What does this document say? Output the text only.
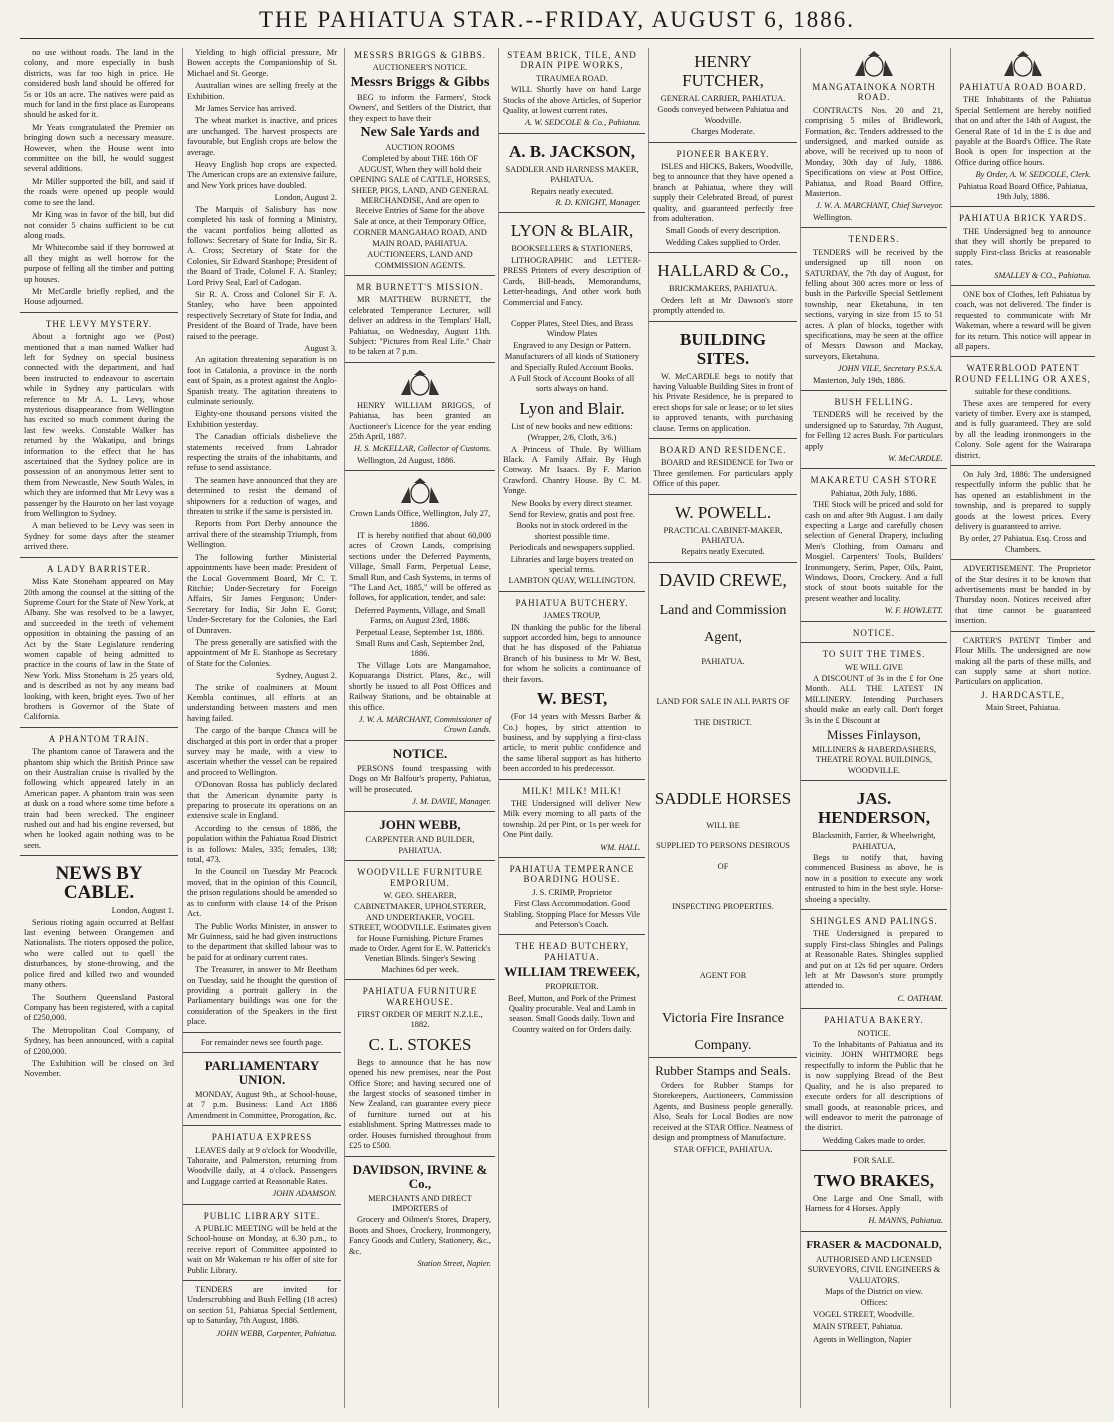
THE PAHIATUA STAR.--FRIDAY, AUGUST 6, 1886.

no use without roads. The land in the colony, and more especially in bush districts, was far too high in price. He considered bush land should be offered for 5s or 10s an acre. The natives were paid as much for land in the first place as Europeans should be asked for it.

Mr Yeats congratulated the Premier on bringing down such a necessary measure. However, when the House went into committee on the bill, he would suggest several additions.

Mr Miller supported the bill, and said if the roads were opened up people would come to see the land.

Mr King was in favor of the bill, but did not consider 5 chains sufficient to be cut along roads.

Mr Whitecombe said if they borrowed at all they might as well borrow for the purpose of felling all the timber and putting up houses.

Mr McCardle briefly replied, and the House adjourned.

THE LEVY MYSTERY.

About a fortnight ago we (Post) mentioned that a man named Walker had left for Sydney on special business connected with the department, and had been instructed to endeavour to ascertain while in Sydney any particulars with reference to Mr A. L. Levy, whose mysterious disappearance from Wellington has excited so much comment during the last few weeks. Constable Walker has returned by the Wakatipu, and brings information to the effect that he has ascertained that the Sydney police are in possession of an anonymous letter sent to them from Newcastle, New South Wales, in which they are informed that Mr Levy was a passenger by the Hauroto on her last voyage from Wellington to Sydney.

A man believed to be Levy was seen in Sydney for some days after the steamer arrived there.

A LADY BARRISTER.

Miss Kate Stoneham appeared on May 20th among the counsel at the sitting of the Supreme Court for the State of New York, at Albany. She was resolved to be a lawyer, and succeeded in the teeth of vehement opposition in obtaining the passing of an Act by the State Legislature rendering women capable of being admitted to practice in the courts of law in the State of New York. Miss Stoneham is 25 years old, and is described as not by any means bad looking, with keen, bright eyes. Two of her brothers is Governor of the State of California.

A PHANTOM TRAIN.

The phantom canoe of Tarawera and the phantom ship which the British Prince saw on their Australian cruise is rivalled by the following which appeared lately in an American paper. A phantom train was seen at dusk on a road where some time before a train had been wrecked. The engineer rushed out and had his engine reversed, but when he looked again nothing was to be seen.

NEWS BY CABLE.

London, August 1.

Serious rioting again occurred at Belfast last evening between Orangemen and Nationalists. The rioters opposed the police, who were called out to quell the disturbances, by stone-throwing, and the police fired and killed two and wounded many others.

The Southern Queensland Pastoral Company has been registered, with a capital of £250,000.

The Metropolitan Coal Company, of Sydney, has been announced, with a capital of £200,000.

The Exhibition will be closed on 3rd November.

Yielding to high official pressure, Mr Bowen accepts the Companionship of St. Michael and St. George.

Australian wines are selling freely at the Exhibition.

Mr James Service has arrived.

The wheat market is inactive, and prices are unchanged. The harvest prospects are favourable, but English crops are below the average.

Heavy English hop crops are expected. The American crops are an extensive failure, and New York prices have doubled.

London, August 2.

The Marquis of Salisbury has now completed his task of forming a Ministry, the vacant portfolios being allotted as follows: Secretary of State for India, Sir R. A. Cross; Secretary of State for the Colonies, Sir Edward Stanhope; President of the Board of Trade, Colonel F. A. Stanley; Lord Privy Seal, Earl of Cadogan.

Sir R. A. Cross and Colonel Sir F. A. Stanley, who have been appointed respectively Secretary of State for India, and President of the Board of Trade, have been raised to the peerage.

August 3.

An agitation threatening separation is on foot in Catalonia, a province in the north east of Spain, as a protest against the Anglo-Spanish treaty. The agitation threatens to culminate seriously.

Eighty-one thousand persons visited the Exhibition yesterday.

The Canadian officials disbelieve the statements received from Labrador respecting the straits of the inhabitants, and refuse to send assistance.

The seamen have announced that they are determined to resist the demand of shipowners for a reduction of wages, and threaten to strike if the same is persisted in.

Reports from Port Derby announce the arrival there of the steamship Triumph, from Wellington.

The following further Ministerial appointments have been made: President of the Local Government Board, Mr C. T. Ritchie; Under-Secretary for Foreign Affairs, Sir James Ferguson; Under-Secretary for India, Sir John E. Gorst; Under-Secretary for the Colonies, the Earl of Dunraven.

The press generally are satisfied with the appointment of Mr E. Stanhope as Secretary of State for the Colonies.

Sydney, August 2.

The strike of coalminers at Mount Kembla continues, all efforts at an understanding between masters and men having failed.

The cargo of the barque Chasca will be discharged at this port in order that a proper survey may be made, with a view to ascertain whether the vessel can be repaired and proceed to Wellington.

O'Donovan Rossa has publicly declared that the American dynamite party is preparing to prosecute its operations on an extensive scale in England.

According to the census of 1886, the population within the Pahiatua Road District is as follows: Males, 335; females, 138; total, 473.

In the Council on Tuesday Mr Peacock moved, that in the opinion of this Council, the prison regulations should be amended so as to conform with clause 14 of the Prison Act.

The Public Works Minister, in answer to Mr Guinness, said he had given instructions to the department that skilled labour was to be paid for at ordinary current rates.

The Treasurer, in answer to Mr Beetham on Tuesday, said he thought the question of providing a portrait gallery in the Parliamentary buildings was one for the consideration of the Speakers in the first place.

For remainder news see fourth page.

PARLIAMENTARY UNION.

MONDAY, August 9th., at School-house, at 7 p.m. Business: Land Act 1886 Amendment in Committee, Prorogation, &c.

PAHIATUA EXPRESS

LEAVES daily at 9 o'clock for Woodville, Tahoraite, and Palmerston, returning from Woodville daily, at 4 o'clock. Passengers and Luggage carried at Reasonable Rates.

JOHN ADAMSON.

PUBLIC LIBRARY SITE.

A PUBLIC MEETING will be held at the School-house on Monday, at 6.30 p.m., to receive report of Committee appointed to wait on Mr Wakeman re his offer of site for Public Library.

TENDERS are invited for Underscrubbing and Bush Felling (18 acres) on section 51, Pahiatua Special Settlement, up to Saturday, 7th August, 1886.

JOHN WEBB, Carpenter, Pahiatua.

MESSRS BRIGGS & GIBBS.

AUCTIONEER'S NOTICE.

Messrs Briggs & Gibbs

BEG to inform the Farmers', Stock Owners', and Settlers of the District, that they expect to have their

New Sale Yards and

AUCTION ROOMS

Completed by about THE 16th OF AUGUST, When they will hold their OPENING SALE of CATTLE, HORSES, SHEEP, PIGS, LAND, AND GENERAL MERCHANDISE, And are open to Receive Entries of Same for the above Sale at once, at their Temporary Office,

CORNER MANGAHAO ROAD, AND MAIN ROAD, PAHIATUA.

AUCTIONEERS, LAND AND COMMISSION AGENTS.

MR BURNETT'S MISSION.

MR MATTHEW BURNETT, the celebrated Temperance Lecturer, will deliver an address in the Templars' Hall, Pahiatua, on Wednesday, August 11th. Subject: "Pictures from Real Life." Chair to be taken at 7 p.m.

HENRY WILLIAM BRIGGS, of Pahiatua, has been granted an Auctioneer's Licence for the year ending 25th April, 1887.

H. S. McKELLAR, Collector of Customs.

Wellington, 2d August, 1886.

Crown Lands Office, Wellington, July 27, 1886.

IT is hereby notified that about 60,000 acres of Crown Lands, comprising sections under the Deferred Payments, Village, Small Farm, Perpetual Lease, Small Run, and Cash Systems, in terms of "The Land Act, 1885," will be offered as follows, for application, tender, and sale:

Deferred Payments, Village, and Small Farms, on August 23rd, 1886.

Perpetual Lease, September 1st, 1886.

Small Runs and Cash, September 2nd, 1886.

The Village Lots are Mangamahoe, Kopuaranga District. Plans, &c., will shortly be issued to all Post Offices and Railway Stations, and be obtainable at this office.

J. W. A. MARCHANT, Commissioner of Crown Lands.

NOTICE.

PERSONS found trespassing with Dogs on Mr Balfour's property, Pahiatua, will be prosecuted.

J. M. DAVIE, Manager.

JOHN WEBB,

CARPENTER AND BUILDER, PAHIATUA.

WOODVILLE FURNITURE EMPORIUM.

W. GEO. SHEARER,

CABINETMAKER, UPHOLSTERER, AND UNDERTAKER, VOGEL STREET, WOODVILLE. Estimates given for House Furnishing. Picture Frames made to Order. Agent for E. W. Patterick's Venetian Blinds. Singer's Sewing Machines 6d per week.

PAHIATUA FURNITURE WAREHOUSE.

FIRST ORDER OF MERIT N.Z.I.E., 1882.

C. L. STOKES

Begs to announce that he has now opened his new premises, near the Post Office Store; and having secured one of the largest stocks of seasoned timber in New Zealand, can guarantee every piece of furniture turned out at his establishment. Spring Mattresses made to order. Houses furnished throughout from £25 to £500.

DAVIDSON, IRVINE & Co.,

MERCHANTS AND DIRECT IMPORTERS of

Grocery and Oilmen's Stores, Drapery, Boots and Shoes, Crockery, Ironmongery, Fancy Goods and Cutlery, Stationery, &c., &c.

Station Street, Napier.

STEAM BRICK, TILE, AND DRAIN PIPE WORKS,

TIRAUMEA ROAD.

WILL Shortly have on hand Large Stocks of the above Articles, of Superior Quality, at lowest current rates.

A. W. SEDCOLE & Co., Pahiatua.

A. B. JACKSON,

SADDLER AND HARNESS MAKER, PAHIATUA.

Repairs neatly executed.

R. D. KNIGHT, Manager.

LYON & BLAIR,

BOOKSELLERS & STATIONERS,

LITHOGRAPHIC and LETTER-PRESS Printers of every description of Cards, Bill-heads, Memorandums, Letter-headings, And other work both Commercial and Fancy.

Copper Plates, Steel Dies, and Brass Window Plates

Engraved to any Design or Pattern.

Manufacturers of all kinds of Stationery and Specially Ruled Account Books.

A Full Stock of Account Books of all sorts always on hand.

Lyon and Blair.

List of new books and new editions:

(Wrapper, 2/6, Cloth, 3/6.)

A Princess of Thule. By William Black. A Family Affair. By Hugh Conway. Mr Isaacs. By F. Marion Crawford. Chantry House. By C. M. Yonge.

New Books by every direct steamer.

Send for Review, gratis and post free.

Books not in stock ordered in the shortest possible time.

Periodicals and newspapers supplied.

Libraries and large buyers treated on special terms.

LAMBTON QUAY, WELLINGTON.

PAHIATUA BUTCHERY.

JAMES TROUP,

IN thanking the public for the liberal support accorded him, begs to announce that he has disposed of the Pahiatua Branch of his business to Mr W. Best, for whom he solicits a continuance of their favors.

W. BEST,

(For 14 years with Messrs Barber & Co.) hopes, by strict attention to business, and by supplying a first-class article, to merit public confidence and the same liberal support as has hitherto been accorded to his predecessor.

MILK! MILK! MILK!

THE Undersigned will deliver New Milk every morning to all parts of the township. 2d per Pint, or 1s per week for One Pint daily.

WM. HALL.

PAHIATUA TEMPERANCE BOARDING HOUSE.

J. S. CRIMP, Proprietor

First Class Accommodation. Good Stabling. Stopping Place for Messrs Vile and Peterson's Coach.

THE HEAD BUTCHERY, PAHIATUA.
WILLIAM TREWEEK,

PROPRIETOR.

Beef, Mutton, and Pork of the Primest Quality procurable. Veal and Lamb in season. Small Goods daily. Town and Country waited on for Orders daily.

HENRY FUTCHER,

GENERAL CARRIER, PAHIATUA.

Goods conveyed between Pahiatua and Woodville.

Charges Moderate.

PIONEER BAKERY.

ISLES and HICKS, Bakers, Woodville, beg to announce that they have opened a branch at Pahiatua, where they will supply their Celebrated Bread, of purest quality, and guaranteed perfectly free from adulteration.

Small Goods of every description.

Wedding Cakes supplied to Order.

HALLARD & Co.,

BRICKMAKERS, PAHIATUA.

Orders left at Mr Dawson's store promptly attended to.

BUILDING SITES.

W. McCARDLE begs to notify that having Valuable Building Sites in front of his Private Residence, he is prepared to erect shops for sale or lease; or to let sites to approved tenants, with purchasing clause. Terms on application.

BOARD AND RESIDENCE.

BOARD and RESIDENCE for Two or Three gentlemen. For particulars apply Office of this paper.

W. POWELL.

PRACTICAL CABINET-MAKER, PAHIATUA.

Repairs neatly Executed.

DAVID CREWE,
Land and Commission
Agent,

PAHIATUA.

LAND FOR SALE IN ALL PARTS OF

THE DISTRICT.

SADDLE HORSES

WILL BE

SUPPLIED TO PERSONS DESIROUS

OF

INSPECTING PROPERTIES.

AGENT FOR

Victoria Fire Insrance
Company.
Rubber Stamps and Seals.

Orders for Rubber Stamps for Storekeepers, Auctioneers, Commission Agents, and Business people generally. Also, Seals for Local Bodies are now received at the STAR Office. Neatness of design and promptness of Manufacture.

STAR OFFICE, PAHIATUA.

MANGATAINOKA NORTH ROAD.

CONTRACTS Nos. 20 and 21, comprising 5 miles of Bridlework, Formation, &c. Tenders addressed to the undersigned, and marked outside as above, will be received up to noon of Monday, 30th day of July, 1886. Specifications on view at Post Office, Pahiatua, and Road Board Office, Masterton.

J. W. A. MARCHANT, Chief Surveyor.

Wellington.

TENDERS.

TENDERS will be received by the undersigned up till noon on SATURDAY, the 7th day of August, for felling about 300 acres more or less of bush in the Parkville Special Settlement township, near Eketahuna, in ten sections, varying in size from 15 to 51 acres. A plan of blocks, together with specifications, may be seen at the office of Messrs Dawson and Mackay, surveyors, Eketahuna.

JOHN VILE, Secretary P.S.S.A.

Masterton, July 19th, 1886.

BUSH FELLING.

TENDERS will be received by the undersigned up to Saturday, 7th August, for Felling 12 acres Bush. For particulars apply

W. McCARDLE.

MAKARETU CASH STORE

Pahiatua, 20th July, 1886.

THE Stock will be priced and sold for cash on and after 9th August. I am daily expecting a Large and carefully chosen selection of General Drapery, including Men's Clothing, from Oamaru and Mosgiel. Carpenters' Tools, Builders' Ironmongery, Serim, Paper, Oils, Paint, Windows, Doors, Crockery. And a full stock of stout boots suitable for the present weather and locality.

W. F. HOWLETT.

NOTICE.
TO SUIT THE TIMES.

WE WILL GIVE

A DISCOUNT of 3s in the £ for One Month. ALL THE LATEST IN MILLINERY. Intending Purchasers should make an early call. Don't forget 3s in the £ Discount at

Misses Finlayson,

MILLINERS & HABERDASHERS, THEATRE ROYAL BUILDINGS, WOODVILLE.

JAS. HENDERSON,

Blacksmith, Farrier, & Wheelwright, PAHIATUA,

Begs to notify that, having commenced Business as above, he is now in a position to execute any work entrusted to him in the best style. Horse-shoeing a specialty.

SHINGLES AND PALINGS.

THE Undersigned is prepared to supply First-class Shingles and Palings at Reasonable Rates. Shingles supplied and put on at 12s 6d per square. Orders left at Mr Dawson's store promptly attended to.

C. OATHAM.

PAHIATUA BAKERY.

NOTICE.

To the Inhabitants of Pahiatua and its vicinity. JOHN WHITMORE begs respectfully to inform the Public that he is now supplying Bread of the Best Quality, and he is also prepared to execute orders for all descriptions of small goods, at reasonable prices, and will endeavor to merit the patronage of the district.

Wedding Cakes made to order.

FOR SALE.

TWO BRAKES,

One Large and One Small, with Harness for 4 Horses. Apply

H. MANNS, Pahiatua.

FRASER & MACDONALD,

AUTHORISED AND LICENSED SURVEYORS, CIVIL ENGINEERS & VALUATORS.

Maps of the District on view.

Offices:

VOGEL STREET, Woodville.

MAIN STREET, Pahiatua.

Agents in Wellington, Napier

PAHIATUA ROAD BOARD.

THE Inhabitants of the Pahiatua Special Settlement are hereby notified that on and after the 14th of August, the General Rate of 1d in the £ is due and payable at the Board's Office. The Rate Book is open for inspection at the Office during office hours.

By Order, A. W. SEDCOLE, Clerk.

Pahiatua Road Board Office, Pahiatua, 19th July, 1886.

PAHIATUA BRICK YARDS.

THE Undersigned beg to announce that they will shortly be prepared to supply First-class Bricks at reasonable rates.

SMALLEY & CO., Pahiatua.

ONE box of Clothes, left Pahiatua by coach, was not delivered. The finder is requested to communicate with Mr Wakeman, where a reward will be given for its return. This notice will appear in all papers.

WATERBLOOD PATENT ROUND FELLING OR AXES,

suitable for these conditions.

These axes are tempered for every variety of timber. Every axe is stamped, and is fully guaranteed. They are sold by all the leading ironmongers in the Colony. Sole agent for the Wairarapa district.

On July 3rd, 1886: The undersigned respectfully inform the public that he has opened an establishment in the township, and is prepared to supply goods at the lowest prices. Every delivery is guaranteed to arrive.

By order, 27 Pahiatua. Esq. Cross and Chambers.

ADVERTISEMENT. The Proprietor of the Star desires it to be known that advertisements must be handed in by Thursday noon. Notices received after that time cannot be guaranteed insertion.

CARTER'S PATENT Timber and Flour Mills. The undersigned are now making all the parts of these mills, and can supply same at short notice. Particulars on application.

J. HARDCASTLE,

Main Street, Pahiatua.
